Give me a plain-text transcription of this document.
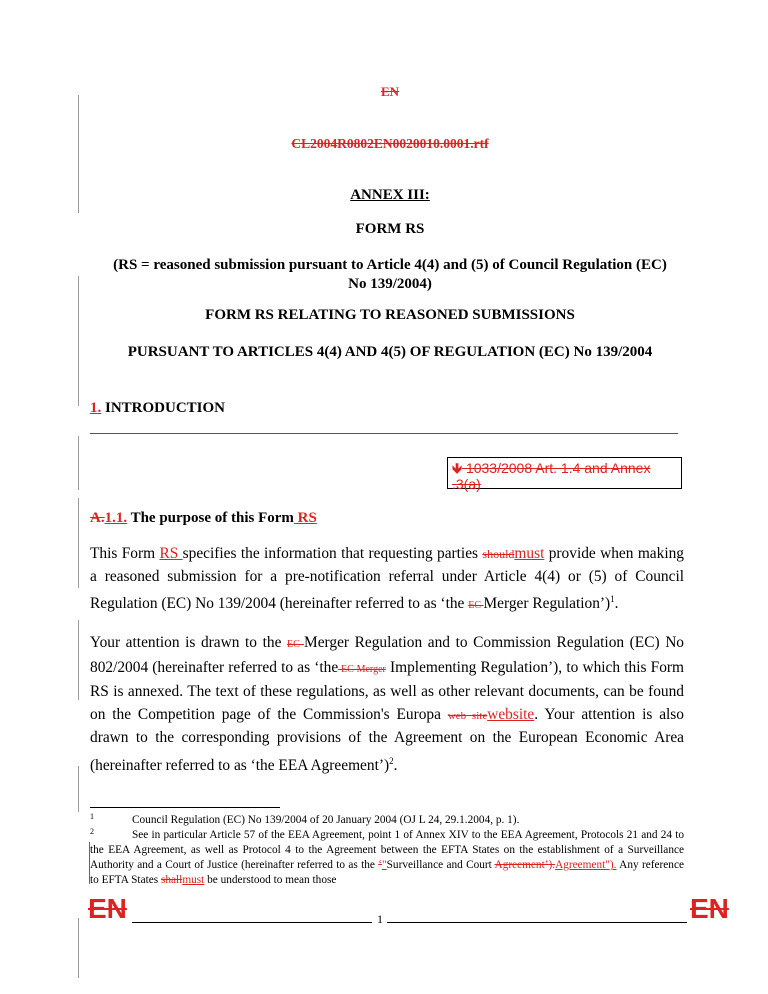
EN
CL2004R0802EN0020010.0001.rtf
ANNEX III:
FORM RS
(RS = reasoned submission pursuant to Article 4(4) and (5) of Council Regulation (EC)
No 139/2004)
FORM RS RELATING TO REASONED SUBMISSIONS
PURSUANT TO ARTICLES 4(4) AND 4(5) OF REGULATION (EC) No 139/2004
1. INTRODUCTION
🡻 1033/2008 Art. 1.4 and Annex
.3(a)
A.1.1. The purpose of this Form RS
This Form RS specifies the information that requesting parties shouldmust provide when making a reasoned submission for a pre-notification referral under Article 4(4) or (5) of Council Regulation (EC) No 139/2004 (hereinafter referred to as ‘the EC Merger Regulation’)$^1$.
Your attention is drawn to the EC Merger Regulation and to Commission Regulation (EC) No 802/2004 (hereinafter referred to as ‘the EC Merger Implementing Regulation’), to which this Form RS is annexed. The text of these regulations, as well as other relevant documents, can be found on the Competition page of the Commission's Europa web sitewebsite. Your attention is also drawn to the corresponding provisions of the Agreement on the European Economic Area (hereinafter referred to as ‘the EEA Agreement’)$^2$.
1	Council Regulation (EC) No 139/2004 of 20 January 2004 (OJ L 24, 29.1.2004, p. 1).
2	See in particular Article 57 of the EEA Agreement, point 1 of Annex XIV to the EEA Agreement, Protocols 21 and 24 to the EEA Agreement, as well as Protocol 4 to the Agreement between the EFTA States on the establishment of a Surveillance Authority and a Court of Justice (hereinafter referred to as the ‘"Surveillance and Court Agreement’).Agreement"). Any reference to EFTA States shallmust be understood to mean those
EN	1	EN
